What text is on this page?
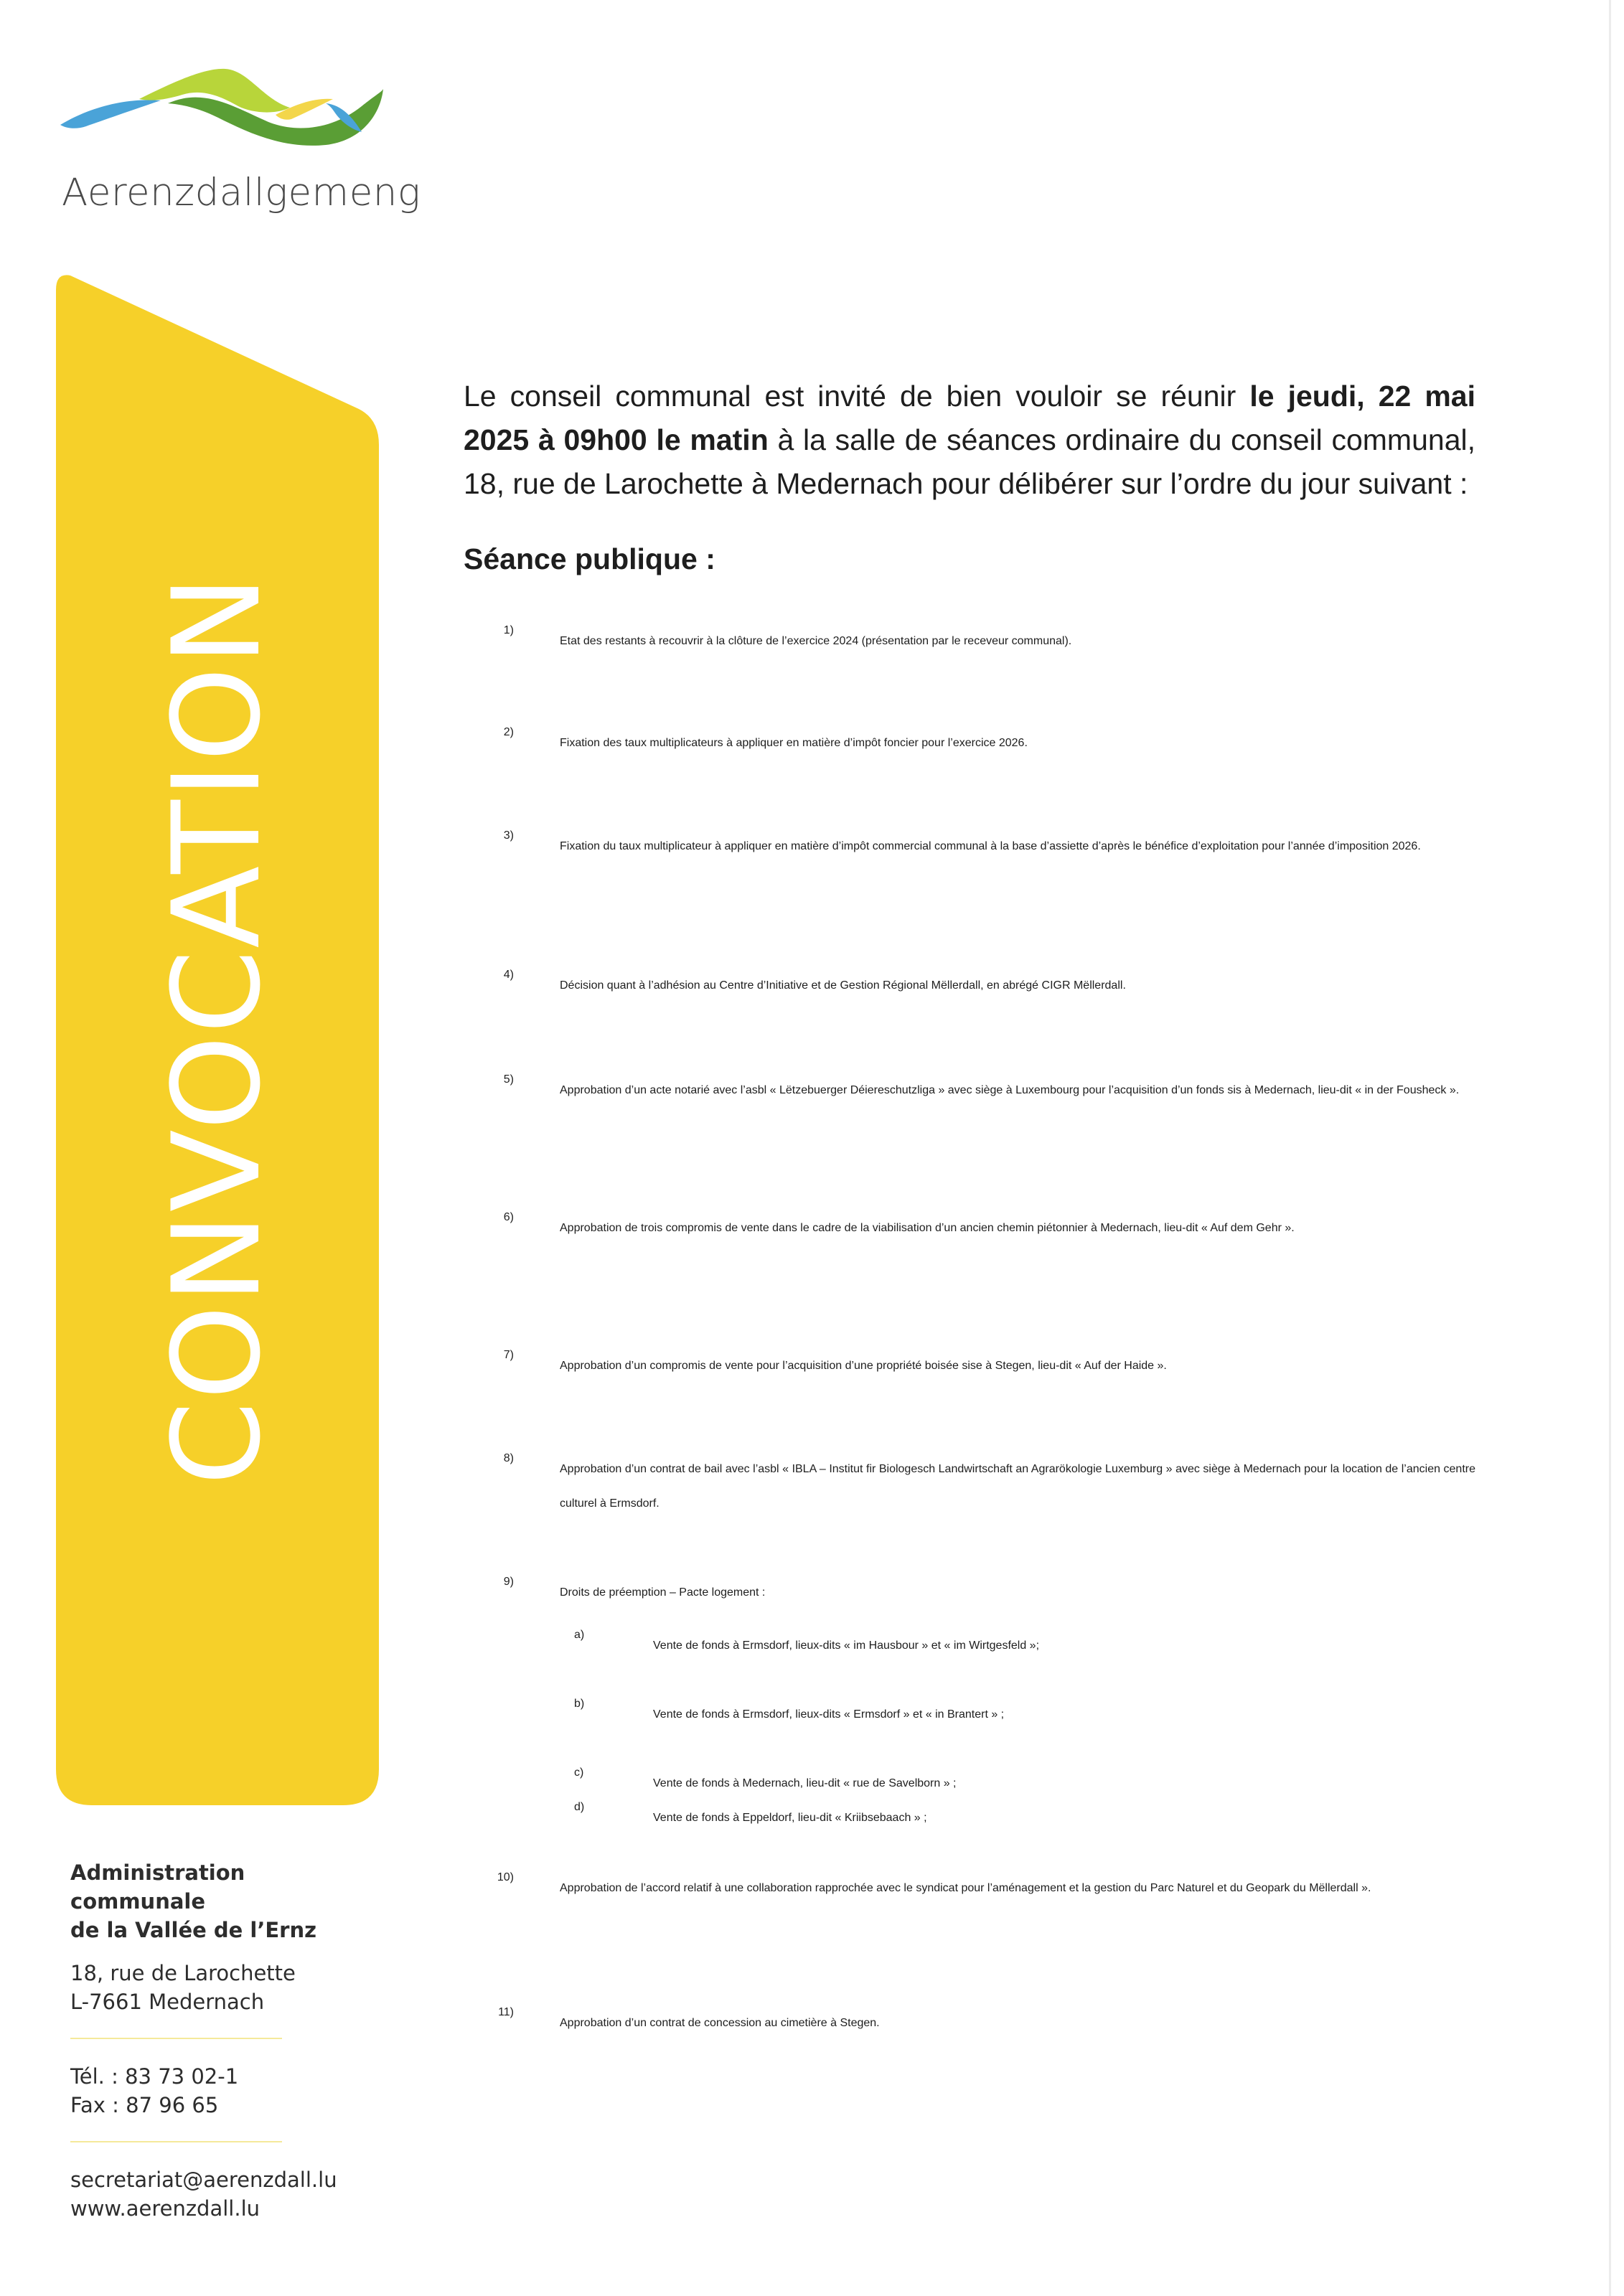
Aerenzdallgemeng
CONVOCATION
Administration communale
de la Vallée de l’Ernz
18, rue de Larochette
L-7661 Medernach
Tél. : 83 73 02-1
Fax : 87 96 65
secretariat@aerenzdall.lu
www.aerenzdall.lu

Le conseil communal est invité de bien vouloir se réunir le jeudi, 22 mai 2025 à 09h00 le matin à la salle de séances ordinaire du conseil communal, 18, rue de Larochette à Medernach pour délibérer sur l’ordre du jour suivant :

Séance publique :
1)
Etat des restants à recouvrir à la clôture de l’exercice 2024 (présentation par le receveur communal).
2)
Fixation des taux multiplicateurs à appliquer en matière d’impôt foncier pour l’exercice 2026.
3)
Fixation du taux multiplicateur à appliquer en matière d’impôt commercial communal à la base d’assiette d’après le bénéfice d’exploitation pour l’année d’imposition 2026.
4)
Décision quant à l’adhésion au Centre d’Initiative et de Gestion Régional Mëllerdall, en abrégé CIGR Mëllerdall.
5)
Approbation d’un acte notarié avec l’asbl « Lëtzebuerger Déiereschutzliga » avec siège à Luxembourg pour l’acquisition d’un fonds sis à Medernach, lieu-dit « in der Fousheck ».
6)
Approbation de trois compromis de vente dans le cadre de la viabilisation d’un ancien chemin piétonnier à Medernach, lieu-dit « Auf dem Gehr ».
7)
Approbation d’un compromis de vente pour l’acquisition d’une propriété boisée sise à Stegen, lieu-dit « Auf der Haide ».
8)
Approbation d’un contrat de bail avec l’asbl « IBLA – Institut fir Biologesch Landwirtschaft an Agrarökologie Luxemburg » avec siège à Medernach pour la location de l’ancien centre culturel à Ermsdorf.
9)
Droits de préemption – Pacte logement :
a)
Vente de fonds à Ermsdorf, lieux-dits « im Hausbour » et « im Wirtgesfeld »;
b)
Vente de fonds à Ermsdorf, lieux-dits « Ermsdorf » et « in Brantert » ;
c)
Vente de fonds à Medernach, lieu-dit « rue de Savelborn » ;
d)
Vente de fonds à Eppeldorf, lieu-dit « Kriibsebaach » ;
10)
Approbation de l’accord relatif à une collaboration rapprochée avec le syndicat pour l’aménagement et la gestion du Parc Naturel et du Geopark du Mëllerdall ».
11)
Approbation d’un contrat de concession au cimetière à Stegen.
